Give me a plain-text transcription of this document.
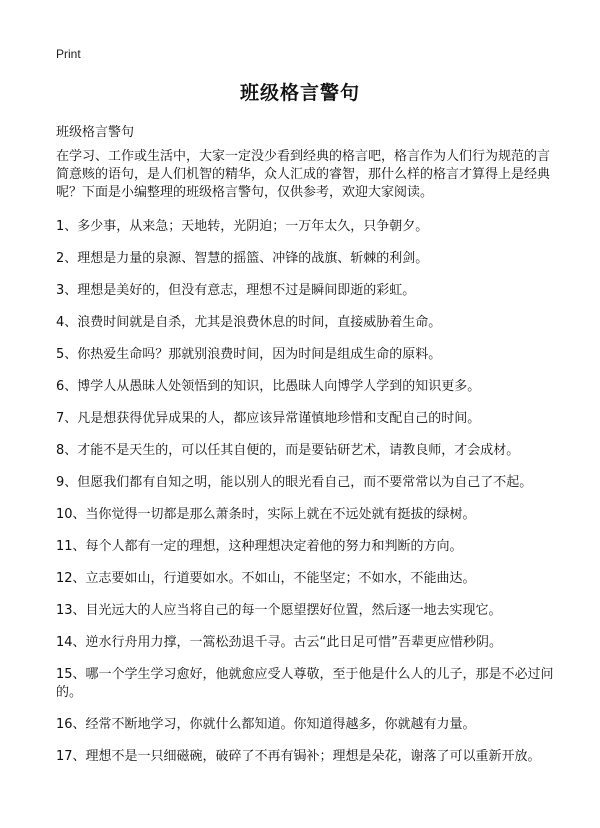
Print
班级格言警句
班级格言警句
在学习、工作或生活中，大家一定没少看到经典的格言吧，格言作为人们行为规范的言简意赅的语句，是人们机智的精华，众人汇成的睿智，那什么样的格言才算得上是经典呢？下面是小编整理的班级格言警句，仅供参考，欢迎大家阅读。
1、多少事，从来急；天地转，光阴迫；一万年太久，只争朝夕。
2、理想是力量的泉源、智慧的摇篮、冲锋的战旗、斩棘的利剑。
3、理想是美好的，但没有意志，理想不过是瞬间即逝的彩虹。
4、浪费时间就是自杀，尤其是浪费休息的时间，直接威胁着生命。
5、你热爱生命吗？那就别浪费时间，因为时间是组成生命的原料。
6、博学人从愚昧人处领悟到的知识，比愚昧人向博学人学到的知识更多。
7、凡是想获得优异成果的人，都应该异常谨慎地珍惜和支配自己的时间。
8、才能不是天生的，可以任其自便的，而是要钻研艺术，请教良师，才会成材。
9、但愿我们都有自知之明，能以别人的眼光看自己，而不要常常以为自己了不起。
10、当你觉得一切都是那么萧条时，实际上就在不远处就有挺拔的绿树。
11、每个人都有一定的理想，这种理想决定着他的努力和判断的方向。
12、立志要如山，行道要如水。不如山，不能坚定；不如水，不能曲达。
13、目光远大的人应当将自己的每一个愿望摆好位置，然后逐一地去实现它。
14、逆水行舟用力撑，一篙松劲退千寻。古云“此日足可惜”吾辈更应惜秒阴。
15、哪一个学生学习愈好，他就愈应受人尊敬，至于他是什么人的儿子，那是不必过问的。
16、经常不断地学习，你就什么都知道。你知道得越多，你就越有力量。
17、理想不是一只细磁碗，破碎了不再有锔补；理想是朵花，谢落了可以重新开放。
